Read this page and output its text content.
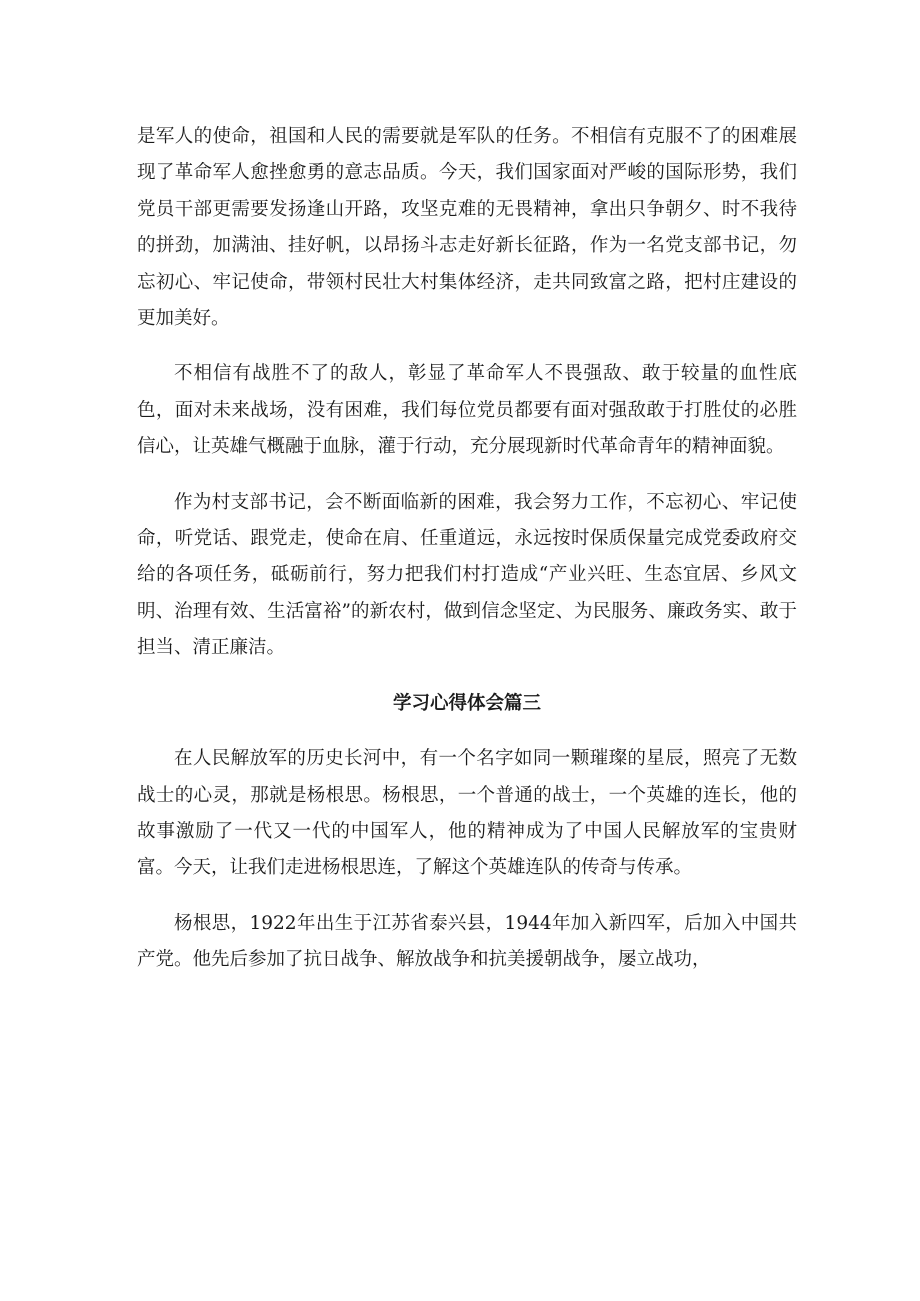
是军人的使命，祖国和人民的需要就是军队的任务。不相信有克服不了的困难展现了革命军人愈挫愈勇的意志品质。今天，我们国家面对严峻的国际形势，我们党员干部更需要发扬逢山开路，攻坚克难的无畏精神，拿出只争朝夕、时不我待的拼劲，加满油、挂好帆，以昂扬斗志走好新长征路，作为一名党支部书记，勿忘初心、牢记使命，带领村民壮大村集体经济，走共同致富之路，把村庄建设的更加美好。

不相信有战胜不了的敌人，彰显了革命军人不畏强敌、敢于较量的血性底色，面对未来战场，没有困难，我们每位党员都要有面对强敌敢于打胜仗的必胜信心，让英雄气概融于血脉，灌于行动，充分展现新时代革命青年的精神面貌。

作为村支部书记，会不断面临新的困难，我会努力工作，不忘初心、牢记使命，听党话、跟党走，使命在肩、任重道远，永远按时保质保量完成党委政府交给的各项任务，砥砺前行，努力把我们村打造成“产业兴旺、生态宜居、乡风文明、治理有效、生活富裕”的新农村，做到信念坚定、为民服务、廉政务实、敢于担当、清正廉洁。

学习心得体会篇三

在人民解放军的历史长河中，有一个名字如同一颗璀璨的星辰，照亮了无数战士的心灵，那就是杨根思。杨根思，一个普通的战士，一个英雄的连长，他的故事激励了一代又一代的中国军人，他的精神成为了中国人民解放军的宝贵财富。今天，让我们走进杨根思连，了解这个英雄连队的传奇与传承。

杨根思，1922年出生于江苏省泰兴县，1944年加入新四军，后加入中国共产党。他先后参加了抗日战争、解放战争和抗美援朝战争，屡立战功，
